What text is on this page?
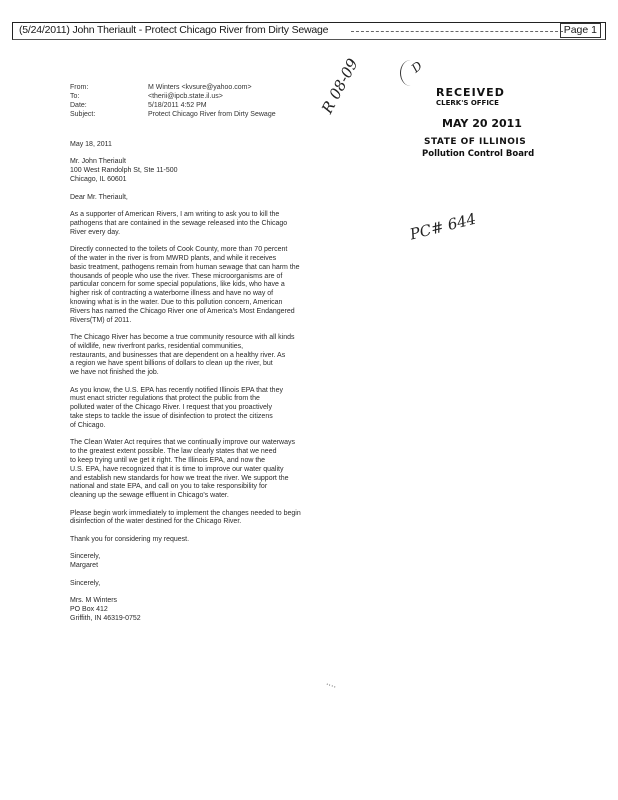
(5/24/2011) John Theriault - Protect Chicago River from Dirty Sewage	Page 1
From:	M Winters <kvsure@yahoo.com>
To:	<therii@ipcb.state.il.us>
Date:	5/18/2011 4:52 PM
Subject:	Protect Chicago River from Dirty Sewage
RECEIVED
CLERK'S OFFICE
MAY 20 2011
STATE OF ILLINOIS
Pollution Control Board
R 08-09	D
PC# 644
May 18, 2011
Mr. John Theriault
100 West Randolph St, Ste 11-500
Chicago, IL 60601
Dear Mr. Theriault,
As a supporter of American Rivers, I am writing to ask you to kill the
pathogens that are contained in the sewage released into the Chicago
River every day.
Directly connected to the toilets of Cook County, more than 70 percent
of the water in the river is from MWRD plants, and while it receives
basic treatment, pathogens remain from human sewage that can harm the
thousands of people who use the river. These microorganisms are of
particular concern for some special populations, like kids, who have a
higher risk of contracting a waterborne illness and have no way of
knowing what is in the water. Due to this pollution concern, American
Rivers has named the Chicago River one of America's Most Endangered
Rivers(TM) of 2011.
The Chicago River has become a true community resource with all kinds
of wildlife, new riverfront parks, residential communities,
restaurants, and businesses that are dependent on a healthy river. As
a region we have spent billions of dollars to clean up the river, but
we have not finished the job.
As you know, the U.S. EPA has recently notified Illinois EPA that they
must enact stricter regulations that protect the public from the
polluted water of the Chicago River. I request that you proactively
take steps to tackle the issue of disinfection to protect the citizens
of Chicago.
The Clean Water Act requires that we continually improve our waterways
to the greatest extent possible. The law clearly states that we need
to keep trying until we get it right. The Illinois EPA, and now the
U.S. EPA, have recognized that it is time to improve our water quality
and establish new standards for how we treat the river. We support the
national and state EPA, and call on you to take responsibility for
cleaning up the sewage effluent in Chicago's water.
Please begin work immediately to implement the changes needed to begin
disinfection of the water destined for the Chicago River.
Thank you for considering my request.
Sincerely,
Margaret
Sincerely,
Mrs. M Winters
PO Box 412
Griffith, IN 46319-0752
∙∙·∙
